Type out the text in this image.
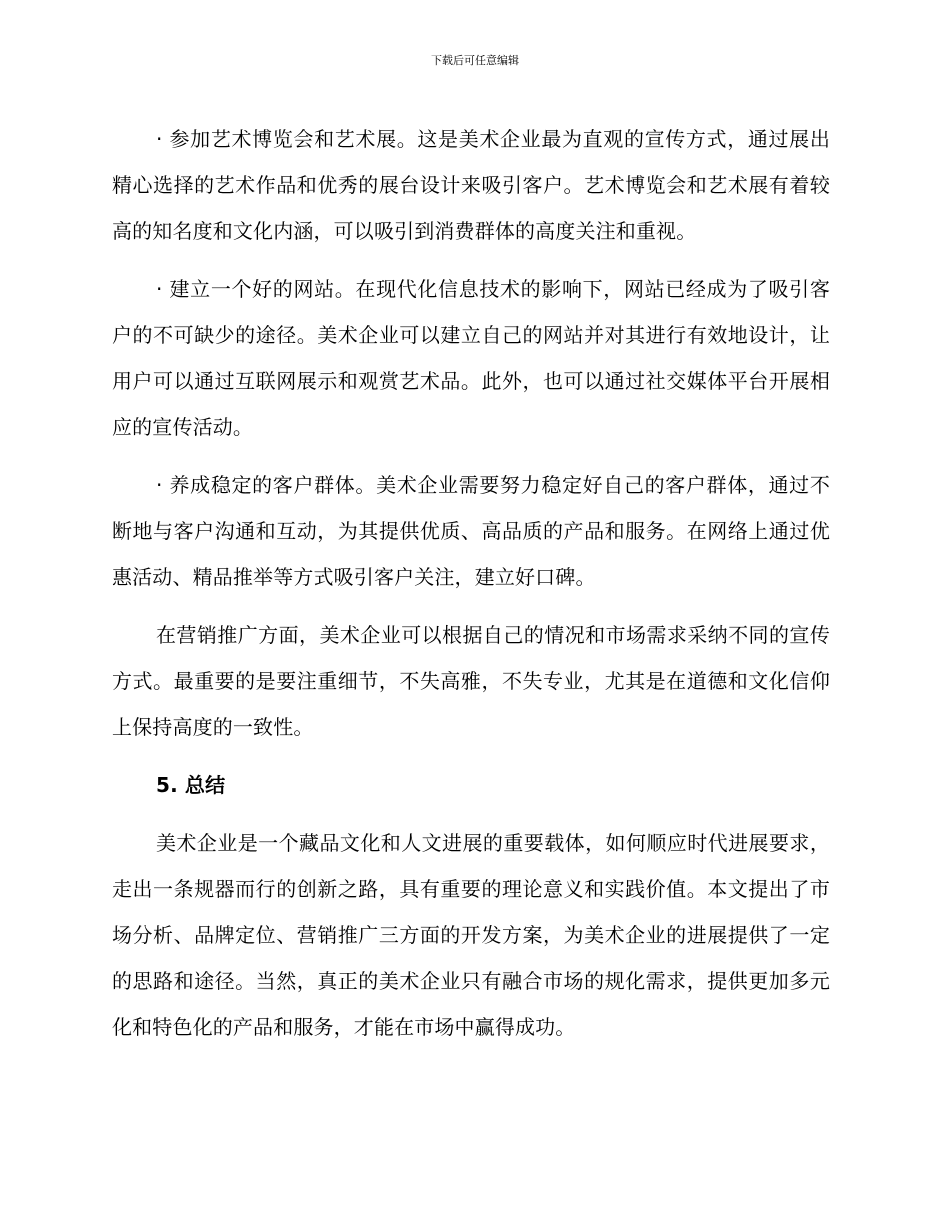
下载后可任意编辑

· 参加艺术博览会和艺术展。这是美术企业最为直观的宣传方式，通过展出精心选择的艺术作品和优秀的展台设计来吸引客户。艺术博览会和艺术展有着较高的知名度和文化内涵，可以吸引到消费群体的高度关注和重视。

· 建立一个好的网站。在现代化信息技术的影响下，网站已经成为了吸引客户的不可缺少的途径。美术企业可以建立自己的网站并对其进行有效地设计，让用户可以通过互联网展示和观赏艺术品。此外，也可以通过社交媒体平台开展相应的宣传活动。

· 养成稳定的客户群体。美术企业需要努力稳定好自己的客户群体，通过不断地与客户沟通和互动，为其提供优质、高品质的产品和服务。在网络上通过优惠活动、精品推举等方式吸引客户关注，建立好口碑。

在营销推广方面，美术企业可以根据自己的情况和市场需求采纳不同的宣传方式。最重要的是要注重细节，不失高雅，不失专业，尤其是在道德和文化信仰上保持高度的一致性。

5. 总结

美术企业是一个藏品文化和人文进展的重要载体，如何顺应时代进展要求，走出一条规器而行的创新之路，具有重要的理论意义和实践价值。本文提出了市场分析、品牌定位、营销推广三方面的开发方案，为美术企业的进展提供了一定的思路和途径。当然，真正的美术企业只有融合市场的规化需求，提供更加多元化和特色化的产品和服务，才能在市场中赢得成功。
